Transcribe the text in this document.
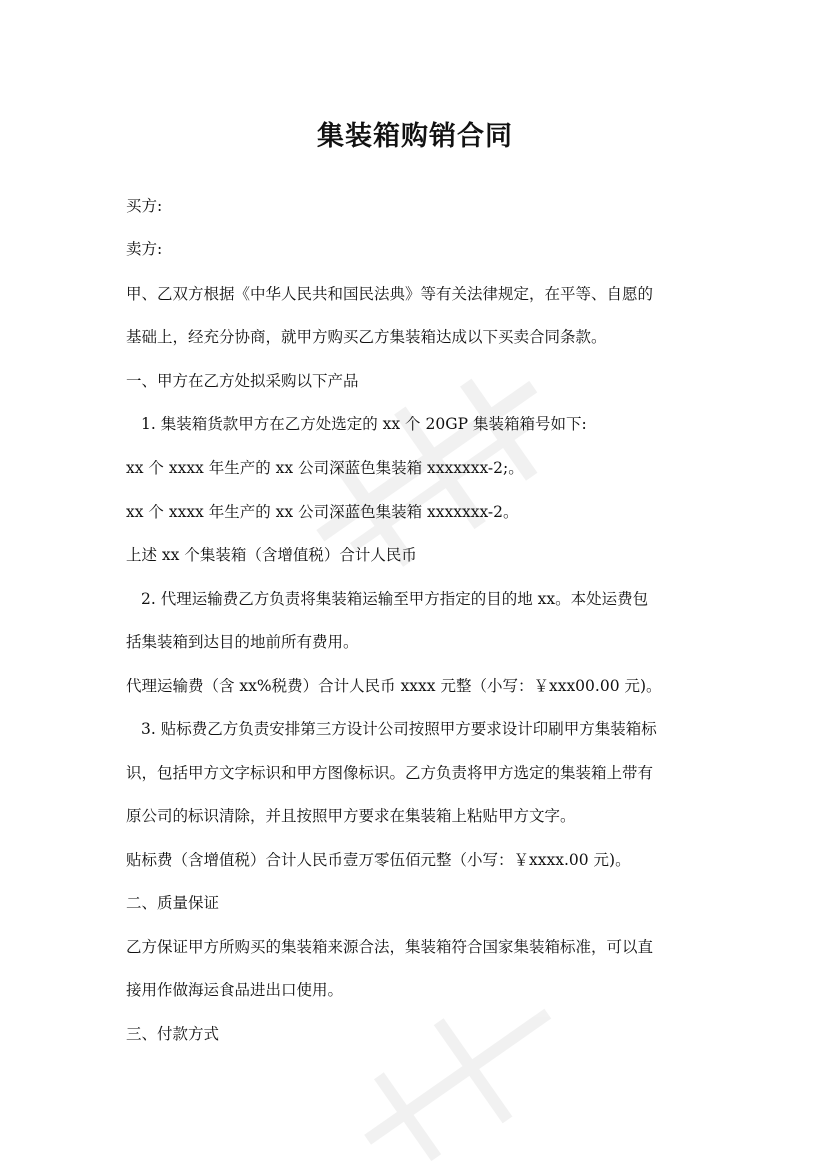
集装箱购销合同
买方:
卖方:
甲、乙双方根据《中华人民共和国民法典》等有关法律规定，在平等、自愿的
基础上，经充分协商，就甲方购买乙方集装箱达成以下买卖合同条款。
一、甲方在乙方处拟采购以下产品
1. 集装箱货款甲方在乙方处选定的 xx 个 20GP 集装箱箱号如下:
xx 个 xxxx 年生产的 xx 公司深蓝色集装箱 xxxxxxx-2;。
xx 个 xxxx 年生产的 xx 公司深蓝色集装箱 xxxxxxx-2。
上述 xx 个集装箱（含增值税）合计人民币
2. 代理运输费乙方负责将集装箱运输至甲方指定的目的地 xx。本处运费包
括集装箱到达目的地前所有费用。
代理运输费（含 xx%税费）合计人民币 xxxx 元整（小写：￥xxx00.00 元)。
3. 贴标费乙方负责安排第三方设计公司按照甲方要求设计印刷甲方集装箱标
识，包括甲方文字标识和甲方图像标识。乙方负责将甲方选定的集装箱上带有
原公司的标识清除，并且按照甲方要求在集装箱上粘贴甲方文字。
贴标费（含增值税）合计人民币壹万零伍佰元整（小写：￥xxxx.00 元)。
二、质量保证
乙方保证甲方所购买的集装箱来源合法，集装箱符合国家集装箱标准，可以直
接用作做海运食品进出口使用。
三、付款方式
